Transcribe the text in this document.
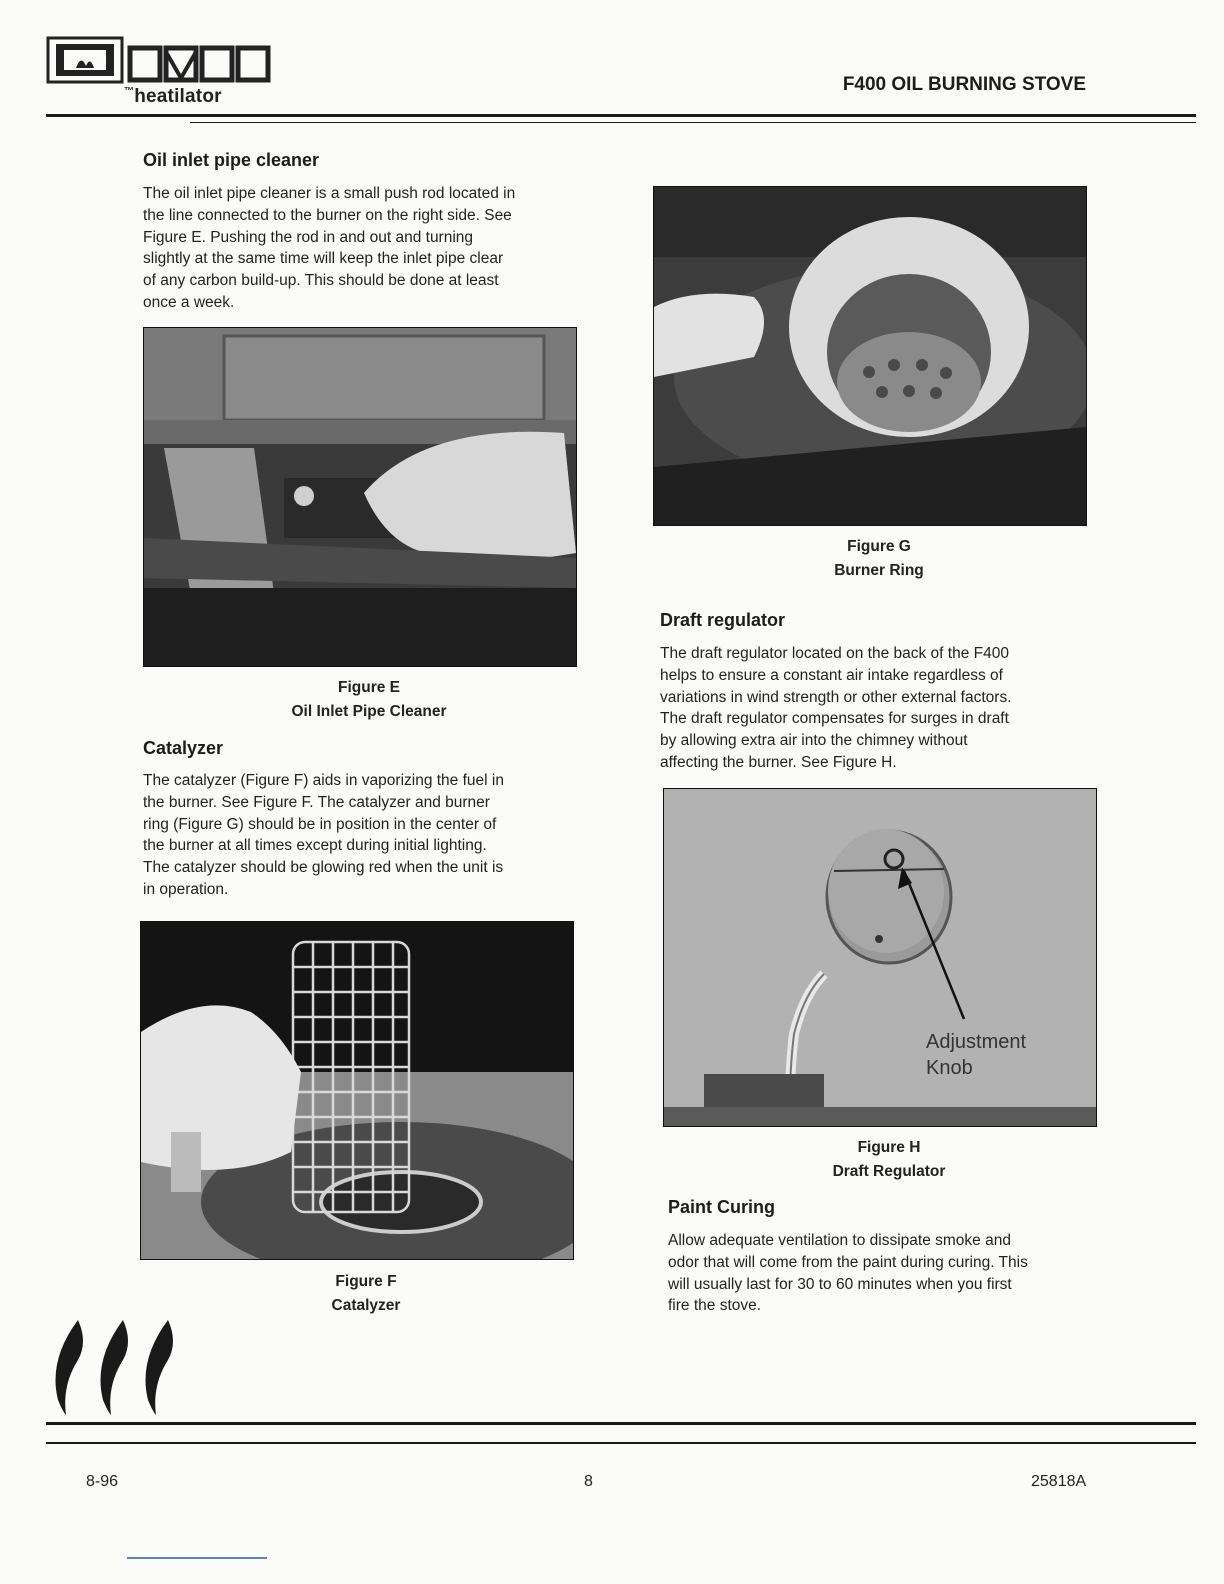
™heatilator
F400 OIL BURNING STOVE
Oil inlet pipe cleaner
The oil inlet pipe cleaner is a small push rod located in
the line connected to the burner on the right side. See
Figure E. Pushing the rod in and out and turning
slightly at the same time will keep the inlet pipe clear
of any carbon build-up. This should be done at least
once a week.
Figure E
Oil Inlet Pipe Cleaner
Catalyzer
The catalyzer (Figure F) aids in vaporizing the fuel in
the burner. See Figure F. The catalyzer and burner
ring (Figure G) should be in position in the center of
the burner at all times except during initial lighting.
The catalyzer should be glowing red when the unit is
in operation.
Figure F
Catalyzer
Figure G
Burner Ring
Draft regulator
The draft regulator located on the back of the F400
helps to ensure a constant air intake regardless of
variations in wind strength or other external factors.
The draft regulator compensates for surges in draft
by allowing extra air into the chimney without
affecting the burner. See Figure H.
Adjustment
Knob
Figure H
Draft Regulator
Paint Curing
Allow adequate ventilation to dissipate smoke and
odor that will come from the paint during curing. This
will usually last for 30 to 60 minutes when you first
fire the stove.
8-96	8	25818A
